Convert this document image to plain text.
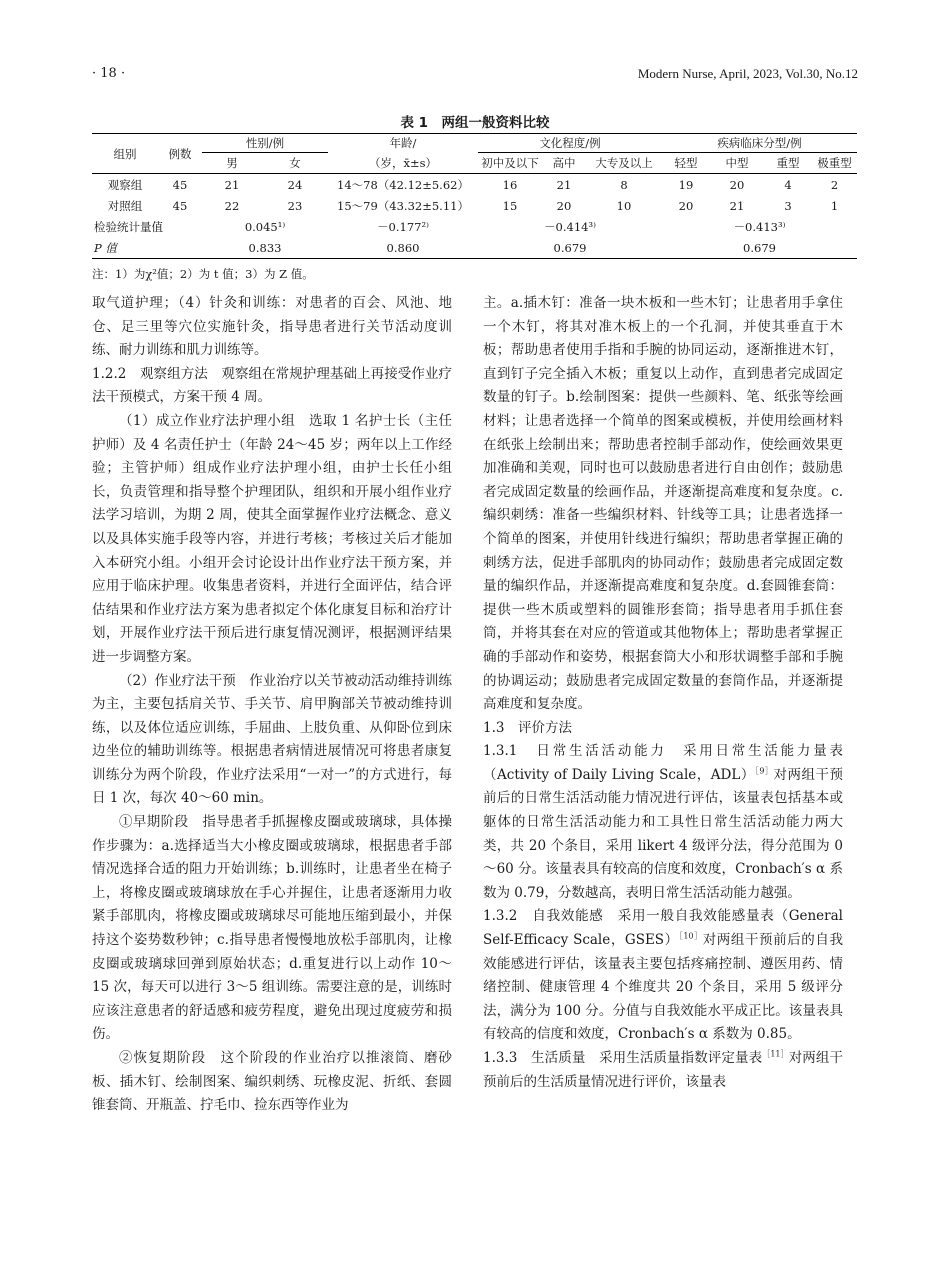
· 18 ·	Modern Nurse, April, 2023, Vol.30, No.12
表 1　两组一般资料比较
组别	例数	性别/例		年龄/	文化程度/例			疾病临床分型/例			
		男	女	（岁，x̄±s）	初中及以下	高中	大专及以上	轻型	中型	重型	极重型
观察组	45	21	24	14～78（42.12±5.62）	16	21	8	19	20	4	2
对照组	45	22	23	15～79（43.32±5.11）	15	20	10	20	21	3	1
检验统计量值		0.045¹⁾		－0.177²⁾	－0.414³⁾			－0.413³⁾			
P 值		0.833		0.860	0.679			0.679			
注：1）为χ²值；2）为 t 值；3）为 Z 值。

取气道护理；（4）针灸和训练：对患者的百会、风池、地仓、足三里等穴位实施针灸，指导患者进行关节活动度训练、耐力训练和肌力训练等。

1.2.2　观察组方法　观察组在常规护理基础上再接受作业疗法干预模式，方案干预 4 周。

（1）成立作业疗法护理小组　选取 1 名护士长（主任护师）及 4 名责任护士（年龄 24～45 岁；两年以上工作经验；主管护师）组成作业疗法护理小组，由护士长任小组长，负责管理和指导整个护理团队，组织和开展小组作业疗法学习培训，为期 2 周，使其全面掌握作业疗法概念、意义以及具体实施手段等内容，并进行考核；考核过关后才能加入本研究小组。小组开会讨论设计出作业疗法干预方案，并应用于临床护理。收集患者资料，并进行全面评估，结合评估结果和作业疗法方案为患者拟定个体化康复目标和治疗计划，开展作业疗法干预后进行康复情况测评，根据测评结果进一步调整方案。

（2）作业疗法干预　作业治疗以关节被动活动维持训练为主，主要包括肩关节、手关节、肩甲胸部关节被动维持训练，以及体位适应训练，手屈曲、上肢负重、从仰卧位到床边坐位的辅助训练等。根据患者病情进展情况可将患者康复训练分为两个阶段，作业疗法采用“一对一”的方式进行，每日 1 次，每次 40～60 min。

①早期阶段　指导患者手抓握橡皮圈或玻璃球，具体操作步骤为：a.选择适当大小橡皮圈或玻璃球，根据患者手部情况选择合适的阻力开始训练；b.训练时，让患者坐在椅子上，将橡皮圈或玻璃球放在手心并握住，让患者逐渐用力收紧手部肌肉，将橡皮圈或玻璃球尽可能地压缩到最小，并保持这个姿势数秒钟；c.指导患者慢慢地放松手部肌肉，让橡皮圈或玻璃球回弹到原始状态；d.重复进行以上动作 10～15 次，每天可以进行 3～5 组训练。需要注意的是，训练时应该注意患者的舒适感和疲劳程度，避免出现过度疲劳和损伤。

②恢复期阶段　这个阶段的作业治疗以推滚筒、磨砂板、插木钉、绘制图案、编织刺绣、玩橡皮泥、折纸、套圆锥套筒、开瓶盖、拧毛巾、捡东西等作业为

主。a.插木钉：准备一块木板和一些木钉；让患者用手拿住一个木钉，将其对准木板上的一个孔洞，并使其垂直于木板；帮助患者使用手指和手腕的协同运动，逐渐推进木钉，直到钉子完全插入木板；重复以上动作，直到患者完成固定数量的钉子。b.绘制图案：提供一些颜料、笔、纸张等绘画材料；让患者选择一个简单的图案或模板，并使用绘画材料在纸张上绘制出来；帮助患者控制手部动作，使绘画效果更加准确和美观，同时也可以鼓励患者进行自由创作；鼓励患者完成固定数量的绘画作品，并逐渐提高难度和复杂度。c.编织刺绣：准备一些编织材料、针线等工具；让患者选择一个简单的图案，并使用针线进行编织；帮助患者掌握正确的刺绣方法，促进手部肌肉的协同动作；鼓励患者完成固定数量的编织作品，并逐渐提高难度和复杂度。d.套圆锥套筒：提供一些木质或塑料的圆锥形套筒；指导患者用手抓住套筒，并将其套在对应的管道或其他物体上；帮助患者掌握正确的手部动作和姿势，根据套筒大小和形状调整手部和手腕的协调运动；鼓励患者完成固定数量的套筒作品，并逐渐提高难度和复杂度。

1.3　评价方法

1.3.1　日常生活活动能力　采用日常生活能力量表（Activity of Daily Living Scale，ADL）$^{[9]}$对两组干预前后的日常生活活动能力情况进行评估，该量表包括基本或躯体的日常生活活动能力和工具性日常生活活动能力两大类，共 20 个条目，采用 likert 4 级评分法，得分范围为 0～60 分。该量表具有较高的信度和效度，Cronbach′s α 系数为 0.79，分数越高，表明日常生活活动能力越强。

1.3.2　自我效能感　采用一般自我效能感量表（General Self-Efficacy Scale，GSES）$^{[10]}$对两组干预前后的自我效能感进行评估，该量表主要包括疼痛控制、遵医用药、情绪控制、健康管理 4 个维度共 20 个条目，采用 5 级评分法，满分为 100 分。分值与自我效能水平成正比。该量表具有较高的信度和效度，Cronbach′s α 系数为 0.85。

1.3.3　生活质量　采用生活质量指数评定量表$^{[11]}$对两组干预前后的生活质量情况进行评价，该量表
